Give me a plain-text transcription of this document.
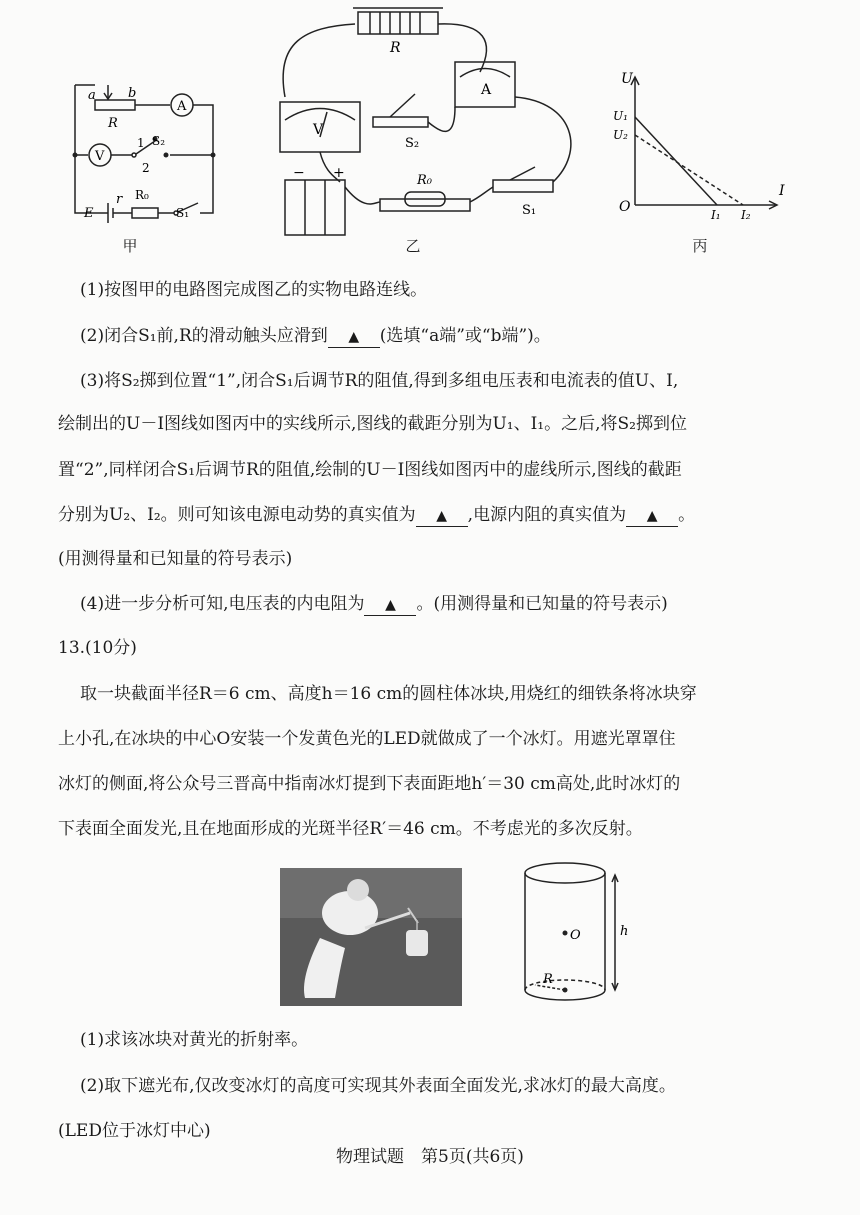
a b
R
A
V
S₂
1
2
E
r R₀
S₁
甲
R
V
A
S₂
R₀
S₁
− +
乙
U
I
O
U₁
U₂
I₁ I₂
丙
(1)按图甲的电路图完成图乙的实物电路连线。
(2)闭合S₁前,R的滑动触头应滑到 ▲ (选填“a端”或“b端”)。
(3)将S₂掷到位置“1”,闭合S₁后调节R的阻值,得到多组电压表和电流表的值U、I,
绘制出的U－I图线如图丙中的实线所示,图线的截距分别为U₁、I₁。之后,将S₂掷到位
置“2”,同样闭合S₁后调节R的阻值,绘制的U－I图线如图丙中的虚线所示,图线的截距
分别为U₂、I₂。则可知该电源电动势的真实值为 ▲ ,电源内阻的真实值为 ▲ 。
(用测得量和已知量的符号表示)
(4)进一步分析可知,电压表的内电阻为 ▲ 。(用测得量和已知量的符号表示)
13.(10分)
取一块截面半径R＝6 cm、高度h＝16 cm的圆柱体冰块,用烧红的细铁条将冰块穿
上小孔,在冰块的中心O安装一个发黄色光的LED就做成了一个冰灯。用遮光罩罩住
冰灯的侧面,将公众号三晋高中指南冰灯提到下表面距地h′＝30 cm高处,此时冰灯的
下表面全面发光,且在地面形成的光斑半径R′＝46 cm。不考虑光的多次反射。
O	h
R
(1)求该冰块对黄光的折射率。
(2)取下遮光布,仅改变冰灯的高度可实现其外表面全面发光,求冰灯的最大高度。
(LED位于冰灯中心)
物理试题　第5页(共6页)
